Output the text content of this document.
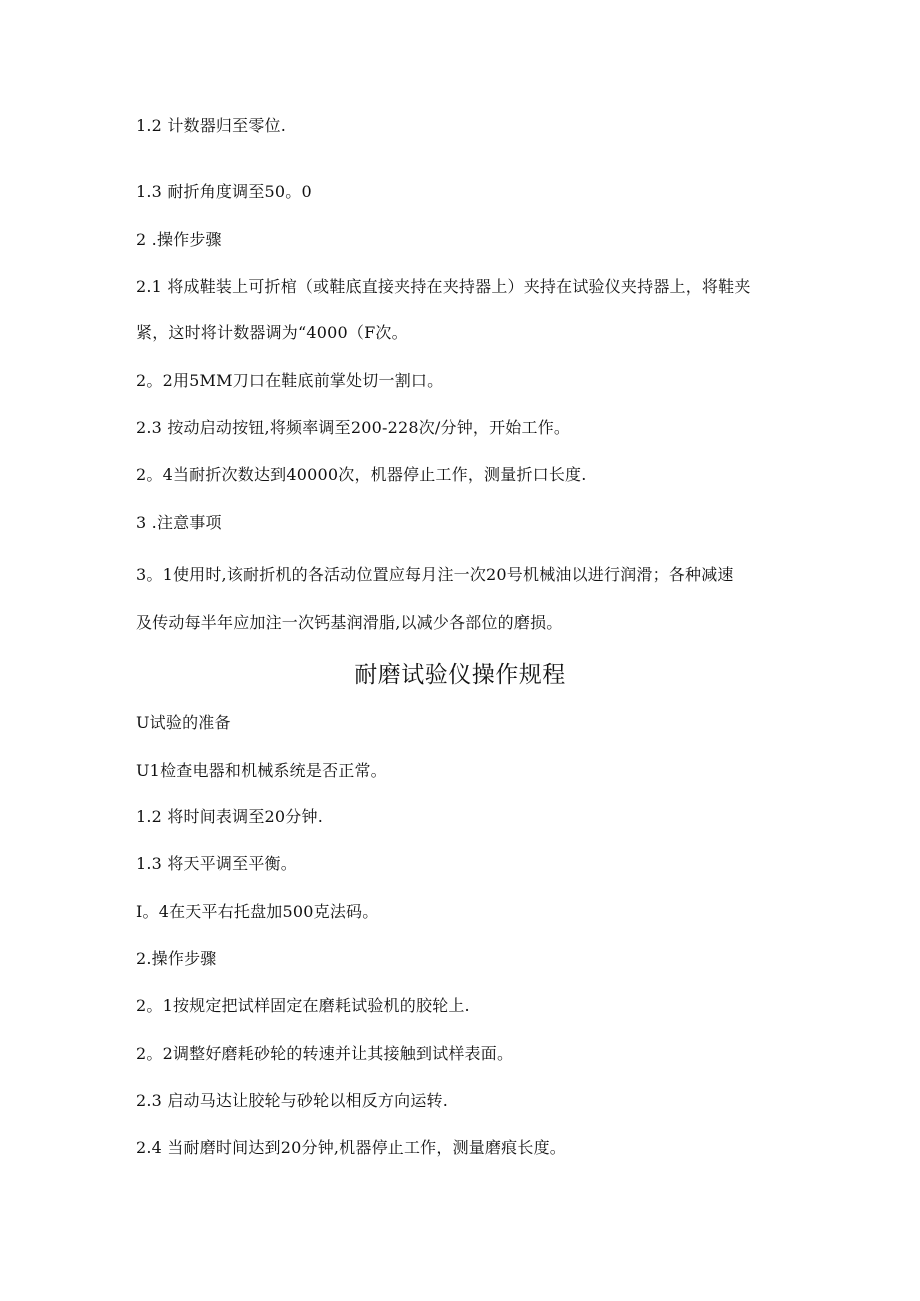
1.2 计数器归至零位.
1.3 耐折角度调至50。0
2 .操作步骤
2.1 将成鞋装上可折棺（或鞋底直接夹持在夹持器上）夹持在试验仪夹持器上，将鞋夹
紧，这时将计数器调为“4000（F次。
2。2用5MM刀口在鞋底前掌处切一割口。
2.3 按动启动按钮,将频率调至200-228次/分钟，开始工作。
2。4当耐折次数达到40000次，机器停止工作，测量折口长度.
3 .注意事项
3。1使用时,该耐折机的各活动位置应每月注一次20号机械油以进行润滑；各种减速
及传动每半年应加注一次钙基润滑脂,以减少各部位的磨损。
耐磨试验仪操作规程
U试验的准备
U1检查电器和机械系统是否正常。
1.2 将时间表调至20分钟.
1.3 将天平调至平衡。
I。4在天平右托盘加500克法码。
2.操作步骤
2。1按规定把试样固定在磨耗试验机的胶轮上.
2。2调整好磨耗砂轮的转速并让其接触到试样表面。
2.3 启动马达让胶轮与砂轮以相反方向运转.
2.4 当耐磨时间达到20分钟,机器停止工作，测量磨痕长度。
